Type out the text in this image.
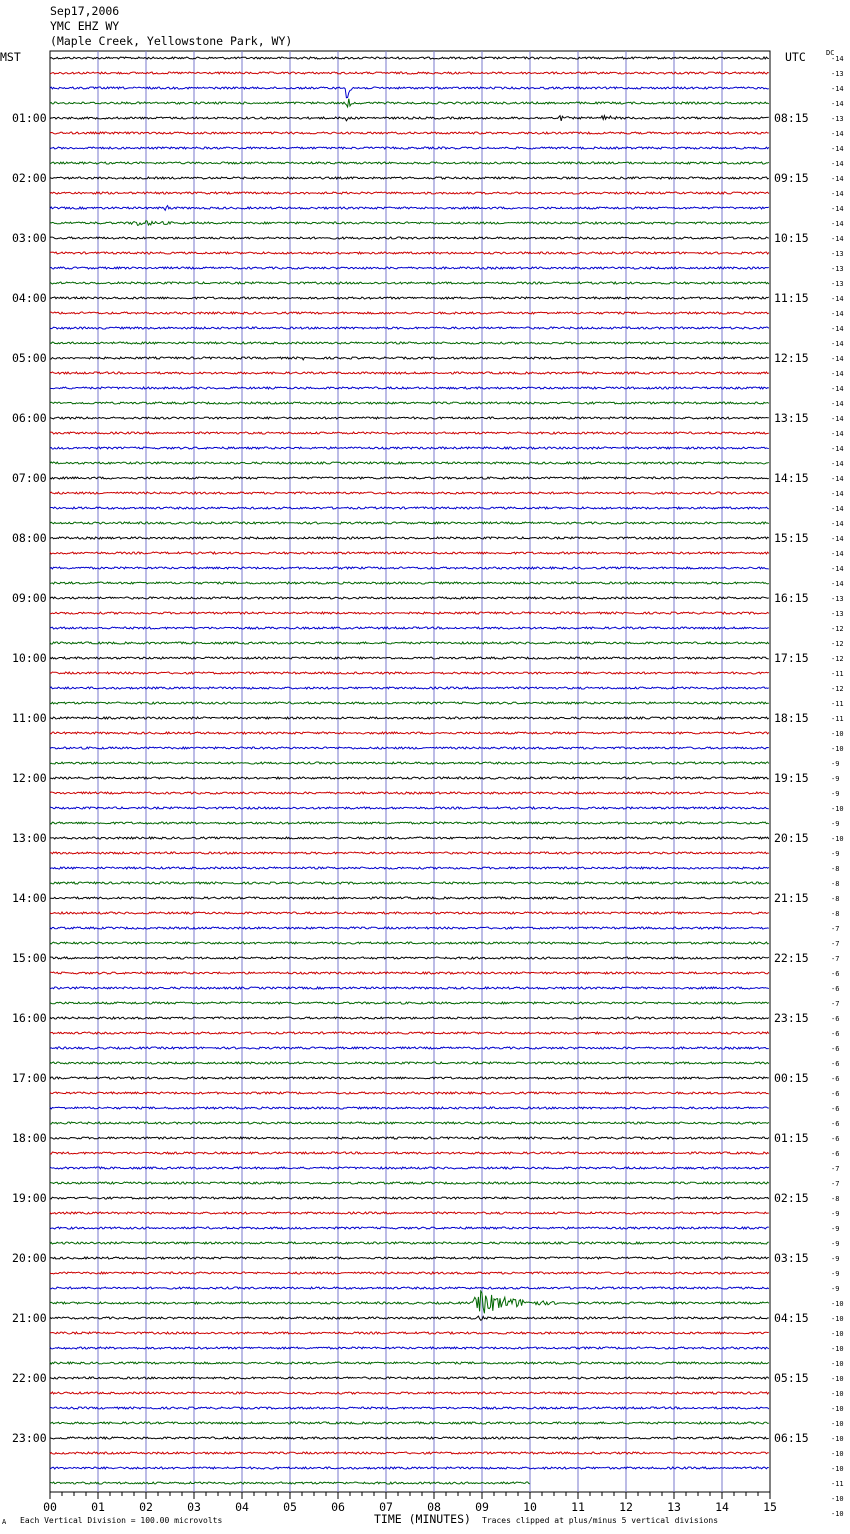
Sep17,2006
YMC EHZ WY
(Maple Creek, Yellowstone Park, WY)
MST	UTC	DC
01:00
02:00
03:00
04:00
05:00
06:00
07:00
08:00
09:00
10:00
11:00
12:00
13:00
14:00
15:00
16:00
17:00
18:00
19:00
20:00
21:00
22:00
23:00
08:15
09:15
10:15
11:15
12:15
13:15
14:15
15:15
16:15
17:15
18:15
19:15
20:15
21:15
22:15
23:15
00:15
01:15
02:15
03:15
04:15
05:15
06:15
-14
-13
-14
-14
-13
-14
-14
-14
-14
-14
-14
-14
-14
-13
-13
-13
-14
-14
-14
-14
-14
-14
-14
-14
-14
-14
-14
-14
-14
-14
-14
-14
-14
-14
-14
-14
-13
-13
-12
-12
-12
-11
-12
-11
-11
-10
-10
-9
-9
-9
-10
-9
-10
-9
-8
-8
-8
-8
-7
-7
-7
-6
-6
-7
-6
-6
-6
-6
-6
-6
-6
-6
-6
-6
-7
-7
-8
-9
-9
-9
-9
-9
-9
-10
-10
-10
-10
-10
-10
-10
-10
-10
-10
-10
-10
-11
-10
-10
00	01	02	03	04	05	06	07	08	09	10	11	12	13	14	15
A Each Vertical Division = 100.00 microvolts	TIME (MINUTES) Traces clipped at plus/minus 5 vertical divisions
